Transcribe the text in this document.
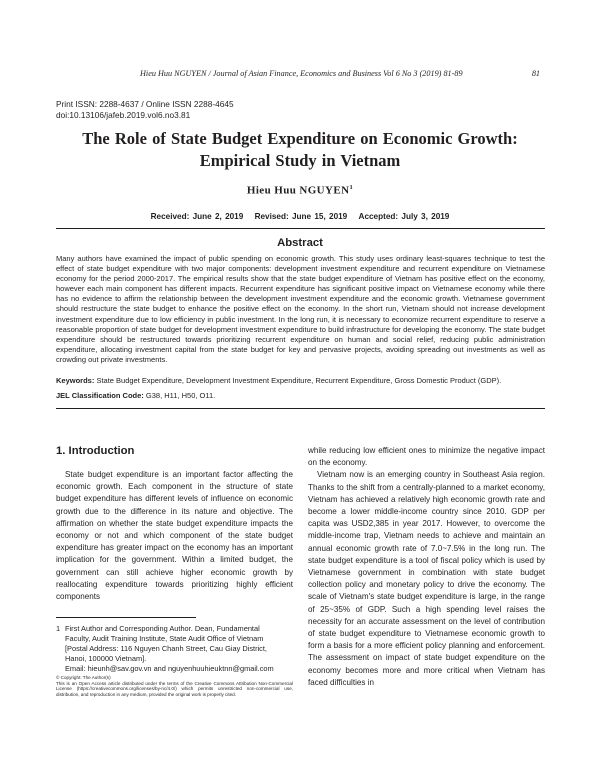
Hieu Huu NGUYEN / Journal of Asian Finance, Economics and Business Vol 6 No 3 (2019) 81-89	81
Print ISSN: 2288-4637 / Online ISSN 2288-4645
doi:10.13106/jafeb.2019.vol6.no3.81
The Role of State Budget Expenditure on Economic Growth:
Empirical Study in Vietnam
Hieu Huu NGUYEN$^1$
Received: June 2, 2019 Revised: June 15, 2019 Accepted: July 3, 2019
Abstract
Many authors have examined the impact of public spending on economic growth. This study uses ordinary least-squares technique to test the effect of state budget expenditure with two major components: development investment expenditure and recurrent expenditure on Vietnamese economy for the period 2000-2017. The empirical results show that the state budget expenditure of Vietnam has positive effect on the economy, however each main component has different impacts. Recurrent expenditure has significant positive impact on Vietnamese economy while there has no evidence to affirm the relationship between the development investment expenditure and the economic growth. Vietnamese government should restructure the state budget to enhance the positive effect on the economy. In the short run, Vietnam should not increase development investment expenditure due to low efficiency in public investment. In the long run, it is necessary to economize recurrent expenditure to reserve a reasonable proportion of state budget for development investment expenditure to build infrastructure for developing the economy. The state budget expenditure should be restructured towards prioritizing recurrent expenditure on human and social relief, reducing public administration expenditure, allocating investment capital from the state budget for key and pervasive projects, avoiding spreading out investments as well as crowding out private investments.
Keywords: State Budget Expenditure, Development Investment Expenditure, Recurrent Expenditure, Gross Domestic Product (GDP).
JEL Classification Code: G38, H11, H50, O11.
1. Introduction

State budget expenditure is an important factor affecting the economic growth. Each component in the structure of state budget expenditure has different levels of influence on economic growth due to the difference in its nature and objective. The affirmation on whether the state budget expenditure impacts the economy or not and which component of the state budget expenditure has greater impact on the economy has an important implication for the government. Within a limited budget, the government can still achieve higher economic growth by reallocating expenditure towards prioritizing highly efficient components

while reducing low efficient ones to minimize the negative impact on the economy.

Vietnam now is an emerging country in Southeast Asia region. Thanks to the shift from a centrally-planned to a market economy, Vietnam has achieved a relatively high economic growth rate and become a lower middle-income country since 2010. GDP per capita was USD2,385 in year 2017. However, to overcome the middle-income trap, Vietnam needs to achieve and maintain an annual economic growth rate of 7.0~7.5% in the long run. The state budget expenditure is a tool of fiscal policy which is used by Vietnamese government in combination with state budget collection policy and monetary policy to drive the economy. The scale of Vietnam's state budget expenditure is large, in the range of 25~35% of GDP. Such a high spending level raises the necessity for an accurate assessment on the level of contribution of state budget expenditure to Vietnamese economic growth to form a basis for a more efficient policy planning and enforcement. The assessment on impact of state budget expenditure on the economy becomes more and more critical when Vietnam has faced difficulties in

1 First Author and Corresponding Author. Dean, Fundamental
Faculty, Audit Training Institute, State Audit Office of Vietnam
[Postal Address: 116 Nguyen Chanh Street, Cau Giay District,
Hanoi, 100000 Vietnam].
Email: hieunh@sav.gov.vn and nguyenhuuhieuktnn@gmail.com
© Copyright: The Author(s)
This is an Open Access article distributed under the terms of the Creative Commons Attribution Non-Commercial License (https://creativecommons.org/licenses/by-nc/4.0/) which permits unrestricted non-commercial use, distribution, and reproduction in any medium, provided the original work is properly cited.
